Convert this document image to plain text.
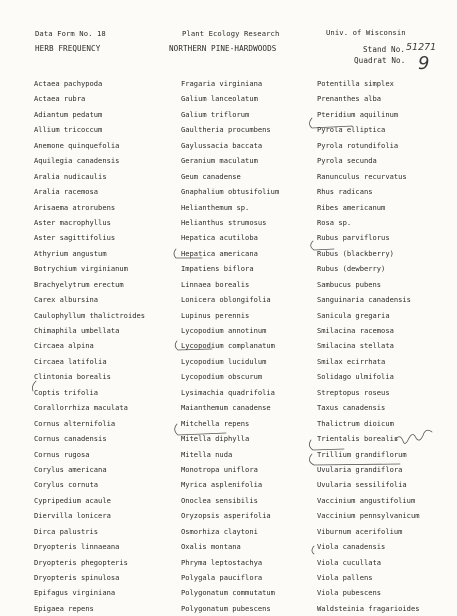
Data Form No. 18	Plant Ecology Research	Univ. of Wisconsin
HERB FREQUENCY	NORTHERN PINE-HARDWOODS	Stand No. 51271
Quadrat No. 9
Actaea pachypoda
Actaea rubra
Adiantum pedatum
Allium tricoccum
Anemone quinquefolia
Aquilegia canadensis
Aralia nudicaulis
Aralia racemosa
Arisaema atrorubens
Aster macrophyllus
Aster sagittifolius
Athyrium angustum
Botrychium virginianum
Brachyelytrum erectum
Carex albursina
Caulophyllum thalictroides
Chimaphila umbellata
Circaea alpina
Circaea latifolia
Clintonia borealis
Coptis trifolia
Corallorrhiza maculata
Cornus alternifolia
Cornus canadensis
Cornus rugosa
Corylus americana
Corylus cornuta
Cypripedium acaule
Diervilla lonicera
Dirca palustris
Dryopteris linnaeana
Dryopteris phegopteris
Dryopteris spinulosa
Epifagus virginiana
Epigaea repens
Fragaria virginiana
Galium lanceolatum
Galium triflorum
Gaultheria procumbens
Gaylussacia baccata
Geranium maculatum
Geum canadense
Gnaphalium obtusifolium
Helianthemum sp.
Helianthus strumosus
Hepatica acutiloba
Hepatica americana
Impatiens biflora
Linnaea borealis
Lonicera oblongifolia
Lupinus perennis
Lycopodium annotinum
Lycopodium complanatum
Lycopodium lucidulum
Lycopodium obscurum
Lysimachia quadrifolia
Maianthemum canadense
Mitchella repens
Mitella diphylla
Mitella nuda
Monotropa uniflora
Myrica asplenifolia
Onoclea sensibilis
Oryzopsis asperifolia
Osmorhiza claytoni
Oxalis montana
Phryma leptostachya
Polygala pauciflora
Polygonatum commutatum
Polygonatum pubescens
Potentilla simplex
Prenanthes alba
Pteridium aquilinum
Pyrola elliptica
Pyrola rotundifolia
Pyrola secunda
Ranunculus recurvatus
Rhus radicans
Ribes americanum
Rosa sp.
Rubus parviflorus
Rubus (blackberry)
Rubus (dewberry)
Sambucus pubens
Sanguinaria canadensis
Sanicula gregaria
Smilacina racemosa
Smilacina stellata
Smilax ecirrhata
Solidago ulmifolia
Streptopus roseus
Taxus canadensis
Thalictrum dioicum
Trientalis borealis
Trillium grandiflorum
Uvularia grandiflora
Uvularia sessilifolia
Vaccinium angustifolium
Vaccinium pennsylvanicum
Viburnum acerifolium
Viola canadensis
Viola cucullata
Viola pallens
Viola pubescens
Waldsteinia fragarioides
